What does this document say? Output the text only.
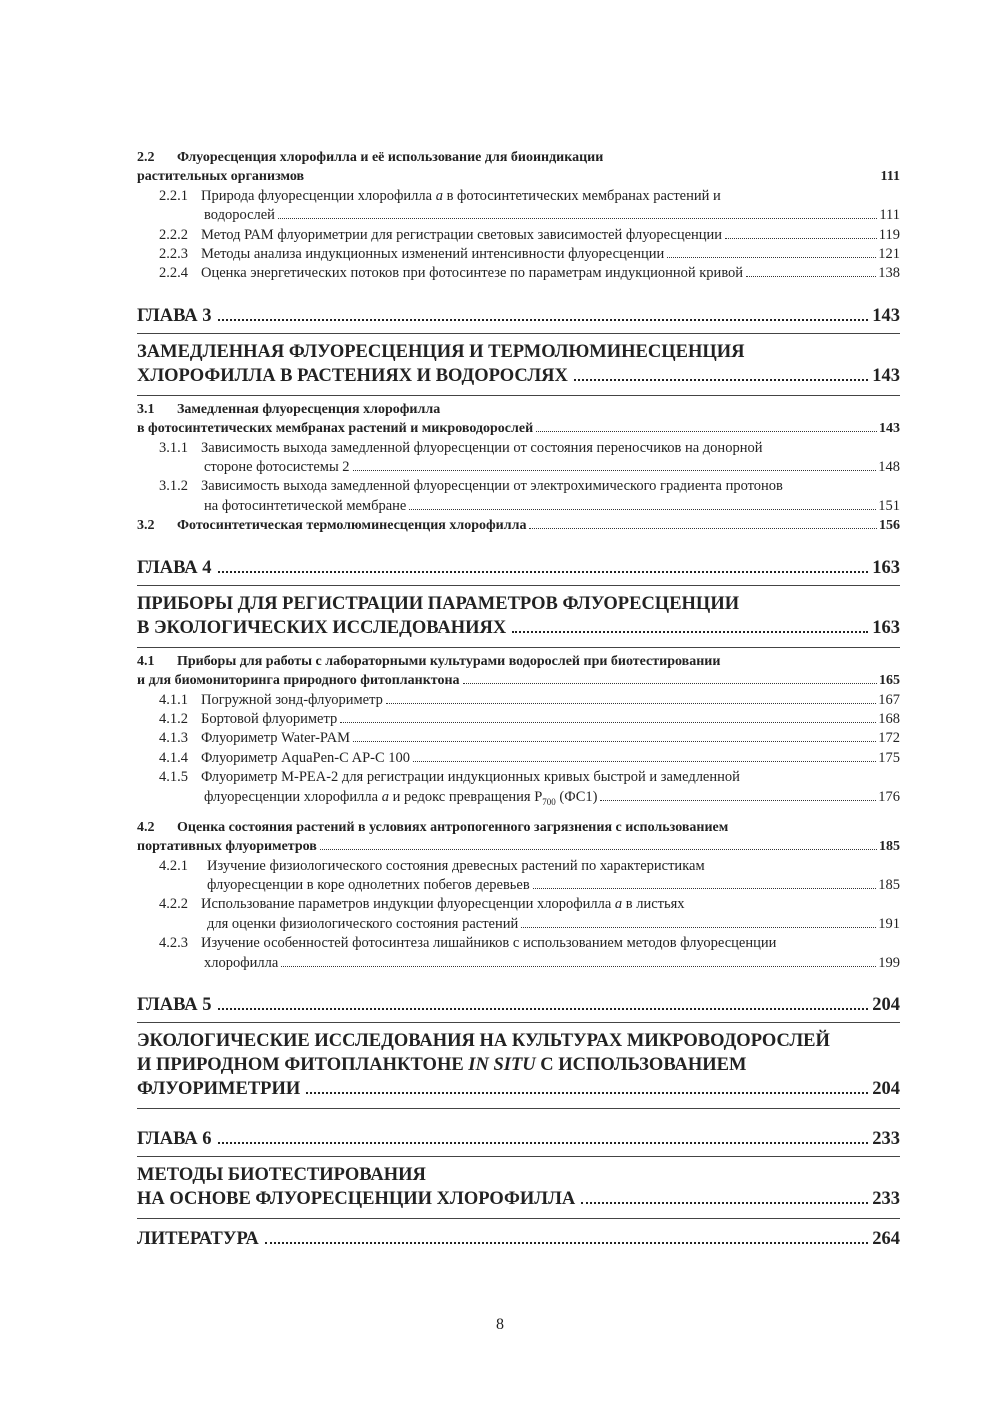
2.2 Флуоресценция хлорофилла и её использование для биоиндикации
растительных организмов	111
2.2.1 Природа флуоресценции хлорофилла a в фотосинтетических мембранах растений и
водорослей	111
2.2.2 Метод РАМ флуориметрии для регистрации световых зависимостей флуоресценции	119
2.2.3 Методы анализа индукционных изменений интенсивности флуоресценции	121
2.2.4 Оценка энергетических потоков при фотосинтезе по параметрам индукционной кривой	138
ГЛАВА 3	143
ЗАМЕДЛЕННАЯ ФЛУОРЕСЦЕНЦИЯ И ТЕРМОЛЮМИНЕСЦЕНЦИЯ
ХЛОРОФИЛЛА В РАСТЕНИЯХ И ВОДОРОСЛЯХ	143
3.1 Замедленная флуоресценция хлорофилла
в фотосинтетических мембранах растений и микроводорослей	143
3.1.1 Зависимость выхода замедленной флуоресценции от состояния переносчиков на донорной
стороне фотосистемы 2	148
3.1.2 Зависимость выхода замедленной флуоресценции от электрохимического градиента протонов
на фотосинтетической мембране	151
3.2	Фотосинтетическая термолюминесценция хлорофилла	156
ГЛАВА 4	163
ПРИБОРЫ ДЛЯ РЕГИСТРАЦИИ ПАРАМЕТРОВ ФЛУОРЕСЦЕНЦИИ
В ЭКОЛОГИЧЕСКИХ ИССЛЕДОВАНИЯХ	163
4.1 Приборы для работы с лабораторными культурами водорослей при биотестировании
и для биомониторинга природного фитопланктона	165
4.1.1 Погружной зонд-флуориметр	167
4.1.2 Бортовой флуориметр	168
4.1.3 Флуориметр Water-PAM	172
4.1.4 Флуориметр AquaPen-C AP-C 100	175
4.1.5 Флуориметр М-PEA-2 для регистрации индукционных кривых быстрой и замедленной
флуоресценции хлорофилла a и редокс превращения $Р_{700}$ (ФС1)	176
4.2 Оценка состояния растений в условиях антропогенного загрязнения с использованием
портативных флуориметров	185
4.2.1	Изучение физиологического состояния древесных растений по характеристикам
флуоресценции в коре однолетних побегов деревьев	185
4.2.2 Использование параметров индукции флуоресценции хлорофилла a в листьях
для оценки физиологического состояния растений	191
4.2.3 Изучение особенностей фотосинтеза лишайников с использованием методов флуоресценции
хлорофилла	199
ГЛАВА 5	204
ЭКОЛОГИЧЕСКИЕ ИССЛЕДОВАНИЯ НА КУЛЬТУРАХ МИКРОВОДОРОСЛЕЙ
И ПРИРОДНОМ ФИТОПЛАНКТОНЕ IN SITU С ИСПОЛЬЗОВАНИЕМ
ФЛУОРИМЕТРИИ	204
ГЛАВА 6	233
МЕТОДЫ БИОТЕСТИРОВАНИЯ
НА ОСНОВЕ ФЛУОРЕСЦЕНЦИИ ХЛОРОФИЛЛА	233
ЛИТЕРАТУРА	264
8
